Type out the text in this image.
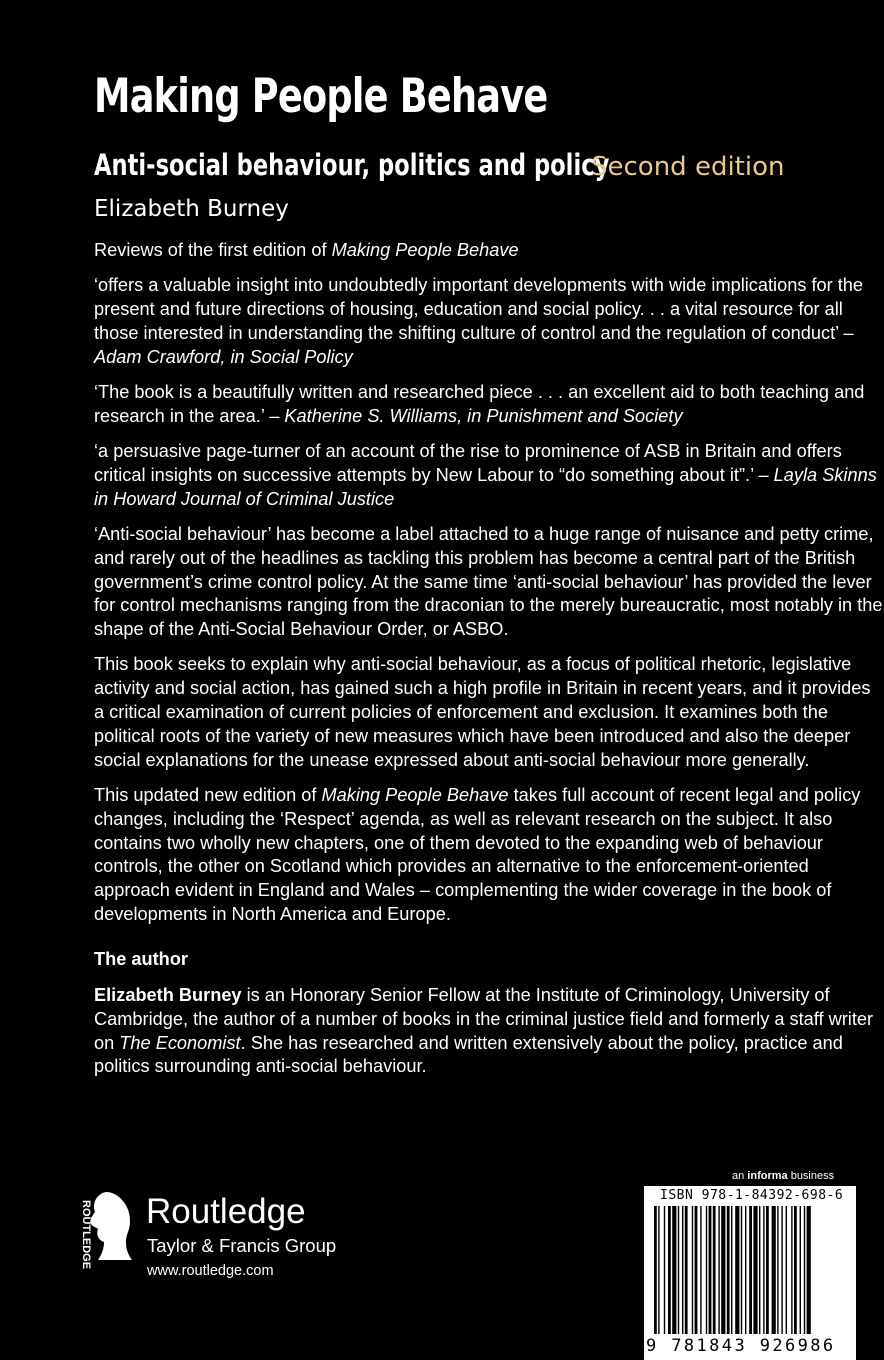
Making People Behave
Anti-social behaviour, politics and policy
Second edition
Elizabeth Burney

Reviews of the first edition of Making People Behave

‘offers a valuable insight into undoubtedly important developments with wide implications for the present and future directions of housing, education and social policy. . . a vital resource for all those interested in understanding the shifting culture of control and the regulation of conduct’ – Adam Crawford, in Social Policy

‘The book is a beautifully written and researched piece . . . an excellent aid to both teaching and research in the area.’ – Katherine S. Williams, in Punishment and Society

‘a persuasive page-turner of an account of the rise to prominence of ASB in Britain and offers critical insights on successive attempts by New Labour to “do something about it”.’ – Layla Skinns in Howard Journal of Criminal Justice

‘Anti-social behaviour’ has become a label attached to a huge range of nuisance and petty crime, and rarely out of the headlines as tackling this problem has become a central part of the British government’s crime control policy. At the same time ‘anti-social behaviour’ has provided the lever for control mechanisms ranging from the draconian to the merely bureaucratic, most notably in the shape of the Anti-Social Behaviour Order, or ASBO.

This book seeks to explain why anti-social behaviour, as a focus of political rhetoric, legislative activity and social action, has gained such a high profile in Britain in recent years, and it provides a critical examination of current policies of enforcement and exclusion. It examines both the political roots of the variety of new measures which have been introduced and also the deeper social explanations for the unease expressed about anti-social behaviour more generally.

This updated new edition of Making People Behave takes full account of recent legal and policy changes, including the ‘Respect’ agenda, as well as relevant research on the subject. It also contains two wholly new chapters, one of them devoted to the expanding web of behaviour controls, the other on Scotland which provides an alternative to the enforcement-oriented approach evident in England and Wales – complementing the wider coverage in the book of developments in North America and Europe.

The author

Elizabeth Burney is an Honorary Senior Fellow at the Institute of Criminology, University of Cambridge, the author of a number of books in the criminal justice field and formerly a staff writer on The Economist. She has researched and written extensively about the policy, practice and politics surrounding anti-social behaviour.

ROUTLEDGE Routledge
Taylor & Francis Group
www.routledge.com
an informa business
ISBN 978-1-84392-698-6
9 781843 926986
